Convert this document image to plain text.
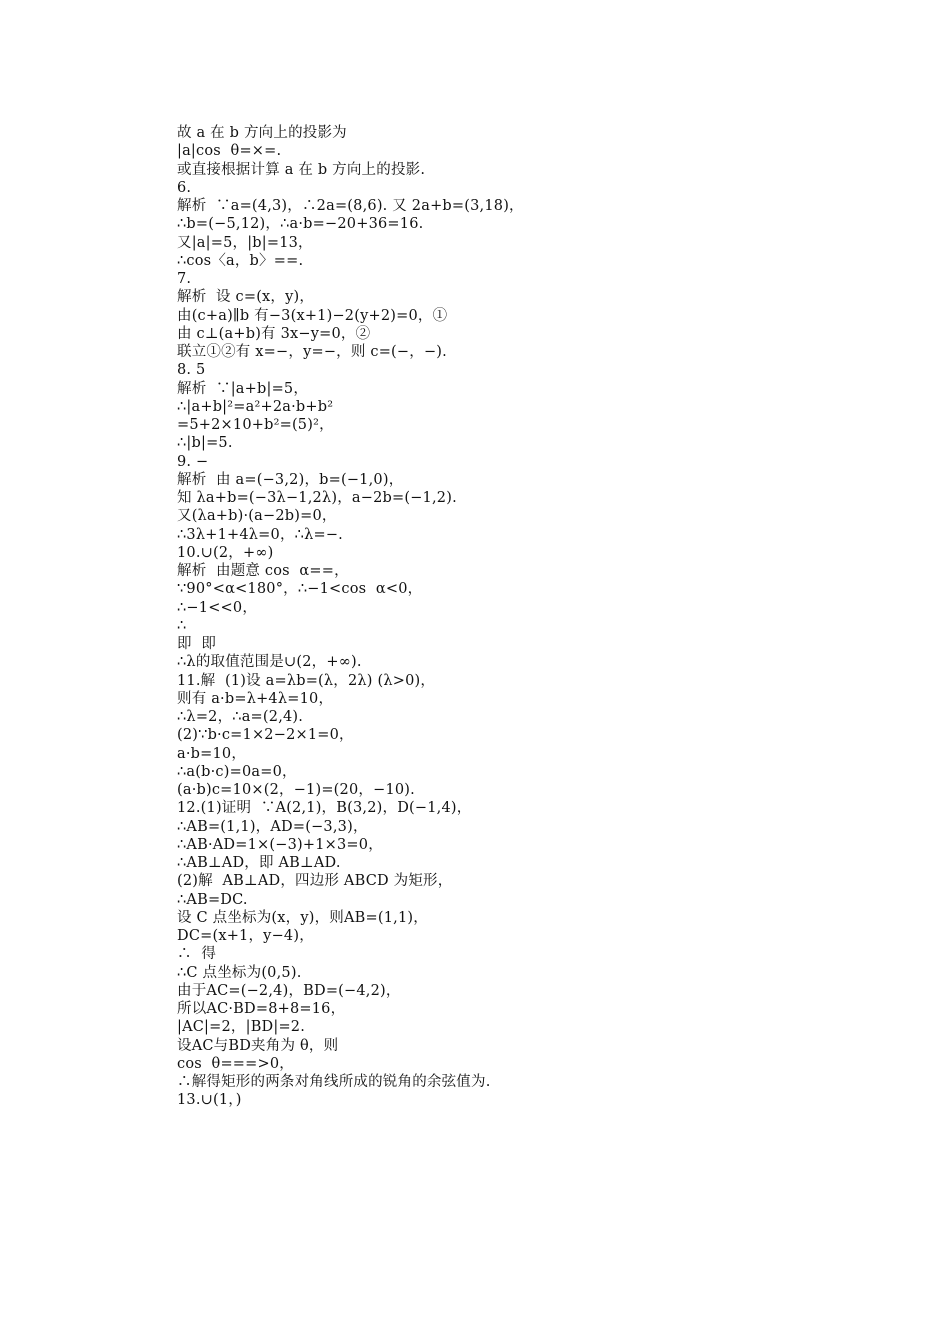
故 a 在 b 方向上的投影为
|a|cos  θ=×=.
或直接根据计算 a 在 b 方向上的投影.
6.
解析  ∵a=(4,3)，∴2a=(8,6). 又 2a+b=(3,18)，
∴b=(−5,12)，∴a·b=−20+36=16.
又|a|=5，|b|=13，
∴cos〈a，b〉==.
7.
解析  设 c=(x，y)，
由(c+a)∥b 有−3(x+1)−2(y+2)=0，①
由 c⊥(a+b)有 3x−y=0，②
联立①②有 x=−，y=−，则 c=(−，−).
8. 5
解析  ∵|a+b|=5，
∴|a+b|²=a²+2a·b+b²
=5+2×10+b²=(5)²，
∴|b|=5.
9. −
解析  由 a=(−3,2)，b=(−1,0)，
知 λa+b=(−3λ−1,2λ)，a−2b=(−1,2).
又(λa+b)·(a−2b)=0，
∴3λ+1+4λ=0，∴λ=−.
10.∪(2，+∞)
解析  由题意 cos  α==，
∵90°<α<180°，∴−1<cos  α<0，
∴−1<<0，
∴
即  即
∴λ的取值范围是∪(2，+∞).
11.解  (1)设 a=λb=(λ，2λ) (λ>0)，
则有 a·b=λ+4λ=10，
∴λ=2，∴a=(2,4).
(2)∵b·c=1×2−2×1=0，
a·b=10，
∴a(b·c)=0a=0，
(a·b)c=10×(2，−1)=(20，−10).
12.(1)证明  ∵A(2,1)，B(3,2)，D(−1,4)，
∴AB=(1,1)，AD=(−3,3)，
∴AB·AD=1×(−3)+1×3=0，
∴AB⊥AD，即 AB⊥AD.
(2)解  AB⊥AD，四边形 ABCD 为矩形，
∴AB=DC.
设 C 点坐标为(x，y)，则AB=(1,1)，
DC=(x+1，y−4)，
∴  得
∴C 点坐标为(0,5).
由于AC=(−2,4)，BD=(−4,2)，
所以AC·BD=8+8=16，
|AC|=2，|BD|=2.
设AC与BD夹角为 θ，则
cos  θ===>0，
∴解得矩形的两条对角线所成的锐角的余弦值为.
13.∪(1，)
